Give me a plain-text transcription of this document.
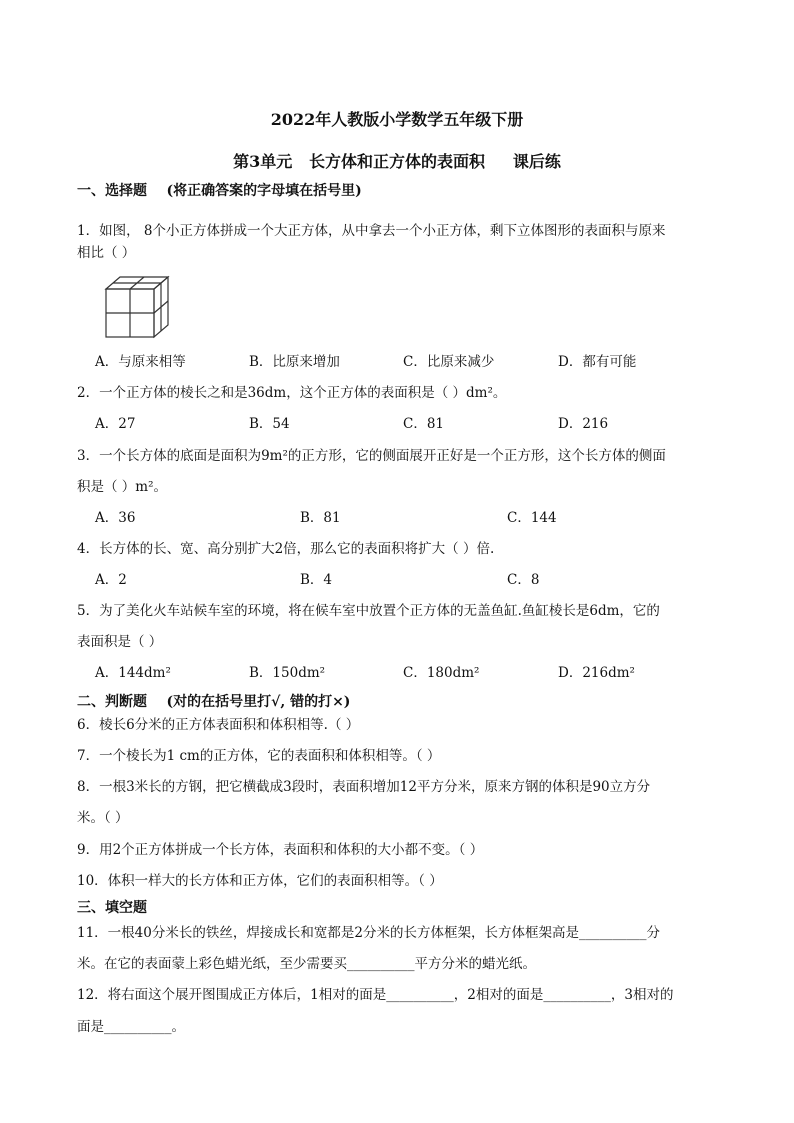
2022年人教版小学数学五年级下册
第3单元   长方体和正方体的表面积     课后练
一、选择题    (将正确答案的字母填在括号里)
1．如图， 8个小正方体拼成一个大正方体，从中拿去一个小正方体，剩下立体图形的表面积与原来
相比（ ）
A．与原来相等	B．比原来增加	C．比原来减少	D．都有可能
2．一个正方体的棱长之和是36dm，这个正方体的表面积是（ ）dm²。
A．27	B．54	C．81	D．216
3．一个长方体的底面是面积为9m²的正方形，它的侧面展开正好是一个正方形，这个长方体的侧面
积是（ ）m²。
A．36	B．81	C．144
4．长方体的长、宽、高分别扩大2倍，那么它的表面积将扩大（ ）倍.
A．2	B．4	C．8
5．为了美化火车站候车室的环境，将在候车室中放置个正方体的无盖鱼缸.鱼缸棱长是6dm，它的
表面积是（ ）
A．144dm²	B．150dm²	C．180dm²	D．216dm²
二、判断题    (对的在括号里打√, 错的打×)
6．棱长6分米的正方体表面积和体积相等.（ ）
7．一个棱长为1 cm的正方体，它的表面积和体积相等。（ ）
8．一根3米长的方钢，把它横截成3段时，表面积增加12平方分米，原来方钢的体积是90立方分
米。（ ）
9．用2个正方体拼成一个长方体，表面积和体积的大小都不变。（ ）
10．体积一样大的长方体和正方体，它们的表面积相等。（ ）
三、填空题
11．一根40分米长的铁丝，焊接成长和宽都是2分米的长方体框架，长方体框架高是__________分
米。在它的表面蒙上彩色蜡光纸，至少需要买__________平方分米的蜡光纸。
12．将右面这个展开图围成正方体后，1相对的面是__________，2相对的面是__________，3相对的
面是__________。
